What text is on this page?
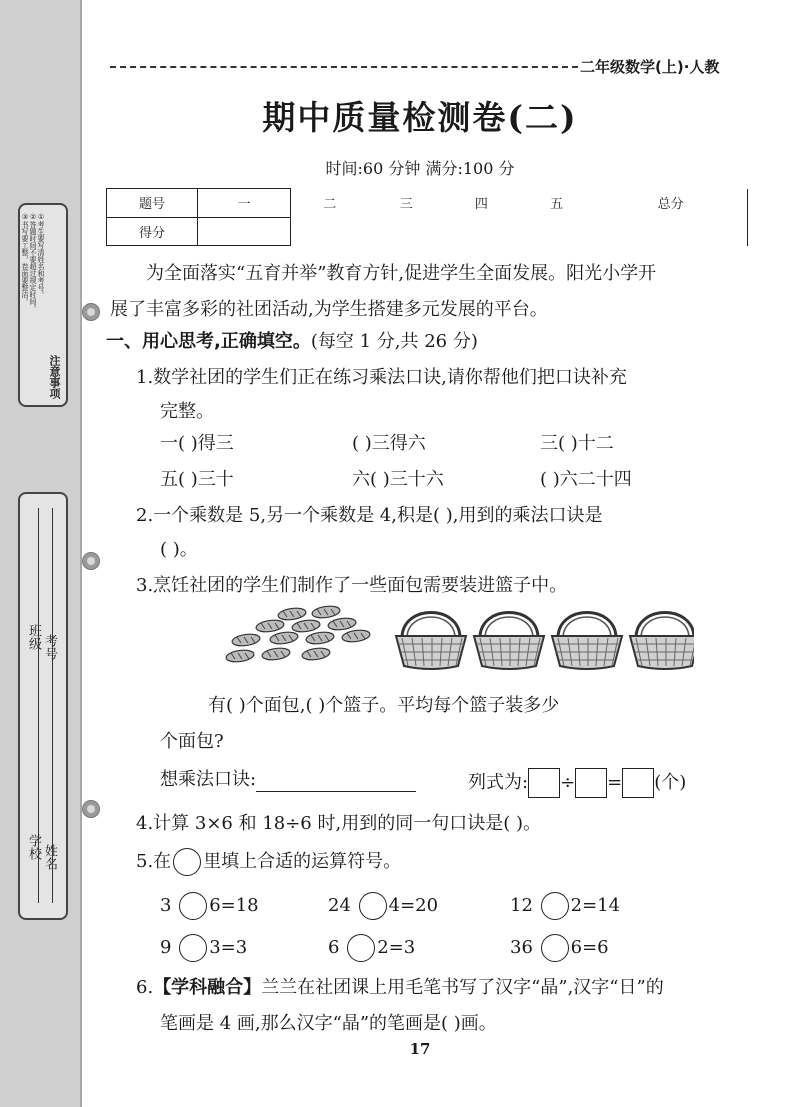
注意事项
①考生要写清姓名和考号。
②答题时间不要超过规定时间。
③书写要工整，卷面要整洁。
学校 姓名
班级 考号
二年级数学(上)·人教
期中质量检测卷(二)
时间:60 分钟 满分:100 分
题号	一	二	三	四	五	总分
得分						
为全面落实“五育并举”教育方针,促进学生全面发展。阳光小学开
展了丰富多彩的社团活动,为学生搭建多元发展的平台。
一、用心思考,正确填空。(每空 1 分,共 26 分)
1.数学社团的学生们正在练习乘法口诀,请你帮他们把口诀补充
完整。
一( )得三	( )三得六	三( )十二
五( )三十	六( )三十六	( )六二十四
2.一个乘数是 5,另一个乘数是 4,积是( ),用到的乘法口诀是
( )。
3.烹饪社团的学生们制作了一些面包需要装进篮子中。
有( )个面包,( )个篮子。平均每个篮子装多少
个面包?
想乘法口诀:	列式为: ÷ = (个)
4.计算 3×6 和 18÷6 时,用到的同一句口诀是( )。
5.在 里填上合适的运算符号。
3 6=18	24 4=20	12 2=14
9 3=3	6 2=3	36 6=6
6.【学科融合】兰兰在社团课上用毛笔书写了汉字“晶”,汉字“日”的
笔画是 4 画,那么汉字“晶”的笔画是( )画。
17
